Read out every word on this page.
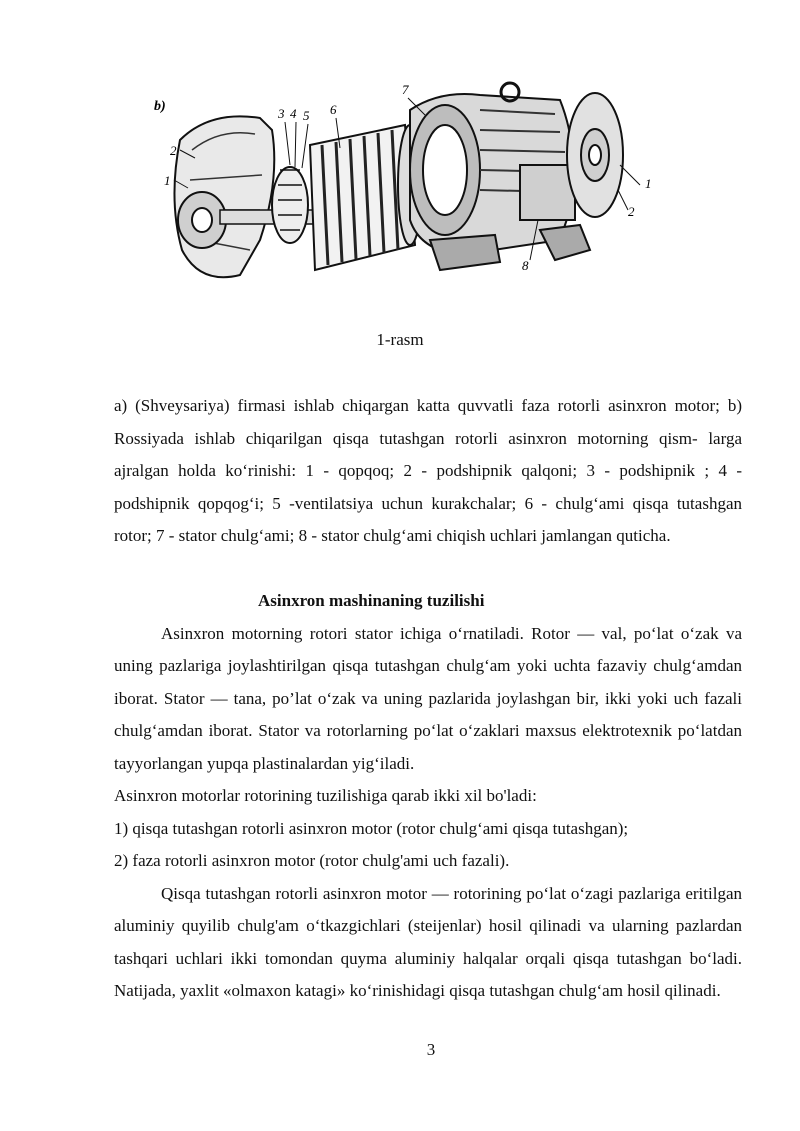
b)
2
1
3 4 5 6
7
1
2
8
1-rasm

a) (Shveysariya) firmasi ishlab chiqargan katta quvvatli faza rotorli asinxron motor; b) Rossiyada ishlab chiqarilgan qisqa tutashgan rotorli asinxron motorning qism- larga ajralgan holda koʻrinishi: 1 - qopqoq; 2 - podshipnik qalqoni; 3 - podshipnik ; 4 - podshipnik qopqogʻi; 5 -ventilatsiya uchun kurakchalar; 6 - chulgʻami qisqa tutashgan rotor; 7 - stator chulgʻami; 8 - stator chulgʻami chiqish uchlari jamlangan quticha.

Asinxron mashinaning tuzilishi

Asinxron motorning rotori stator ichiga oʻrnatiladi. Rotor — val, poʻlat oʻzak va uning pazlariga joylashtirilgan qisqa tutashgan chulgʻam yoki uchta fazaviy chulgʻamdan iborat. Stator — tana, po’lat oʻzak va uning pazlarida joylashgan bir, ikki yoki uch fazali chulgʻamdan iborat. Stator va rotorlarning poʻlat oʻzaklari maxsus elektrotexnik poʻlatdan tayyorlangan yupqa plastinalardan yigʻiladi.

Asinxron motorlar rotorining tuzilishiga qarab ikki xil bo'ladi:

1) qisqa tutashgan rotorli asinxron motor (rotor chulgʻami qisqa tutashgan);

2) faza rotorli asinxron motor (rotor chulg'ami uch fazali).

Qisqa tutashgan rotorli asinxron motor — rotorining poʻlat oʻzagi pazlariga eritilgan aluminiy quyilib chulg'am oʻtkazgichlari (steijenlar) hosil qilinadi va ularning pazlardan tashqari uchlari ikki tomondan quyma aluminiy halqalar orqali qisqa tutashgan boʻladi. Natijada, yaxlit «olmaxon katagi» koʻrinishidagi qisqa tutashgan chulgʻam hosil qilinadi.

3
